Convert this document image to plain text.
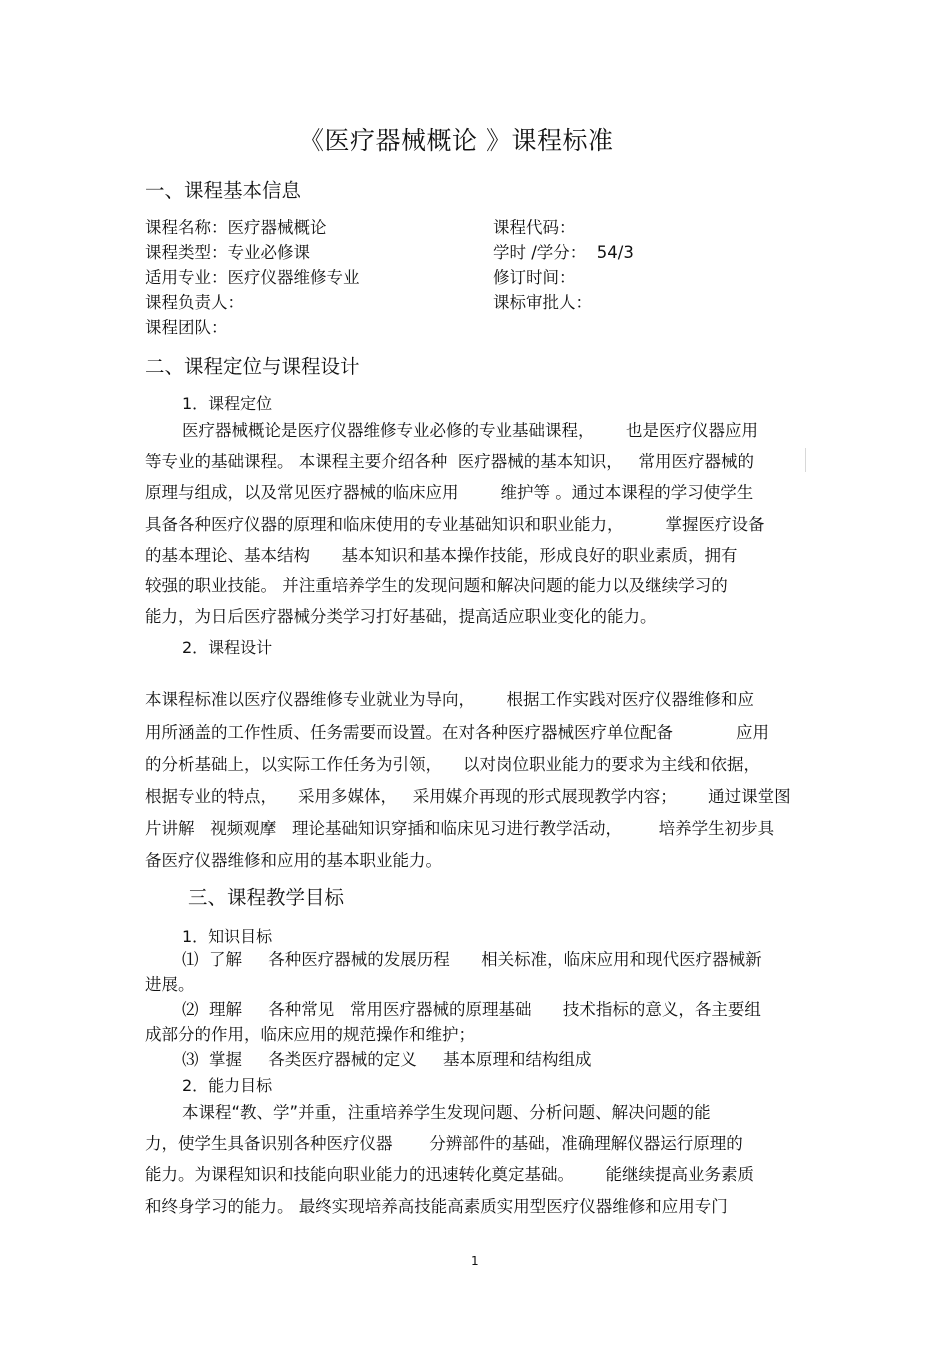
《医疗器械概论 》课程标准
一、课程基本信息
课程名称：医疗器械概论	课程代码：
课程类型：专业必修课	学时 /学分：  54/3
适用专业：医疗仪器维修专业	修订时间：
课程负责人：	课标审批人：
课程团队：
二、课程定位与课程设计
1．课程定位
医疗器械概论是医疗仪器维修专业必修的专业基础课程，      也是医疗仪器应用
等专业的基础课程。 本课程主要介绍各种  医疗器械的基本知识，   常用医疗器械的
原理与组成，以及常见医疗器械的临床应用        维护等 。通过本课程的学习使学生
具备各种医疗仪器的原理和临床使用的专业基础知识和职业能力，        掌握医疗设备
的基本理论、基本结构      基本知识和基本操作技能，形成良好的职业素质，拥有
较强的职业技能。 并注重培养学生的发现问题和解决问题的能力以及继续学习的
能力，为日后医疗器械分类学习打好基础，提高适应职业变化的能力。
2．课程设计
本课程标准以医疗仪器维修专业就业为导向，      根据工作实践对医疗仪器维修和应
用所涵盖的工作性质、任务需要而设置。在对各种医疗器械医疗单位配备            应用
的分析基础上，以实际工作任务为引领，    以对岗位职业能力的要求为主线和依据，
根据专业的特点，    采用多媒体，   采用媒介再现的形式展现教学内容；      通过课堂图
片讲解   视频观摩   理论基础知识穿插和临床见习进行教学活动，       培养学生初步具
备医疗仪器维修和应用的基本职业能力。
三、课程教学目标
1．知识目标
⑴  了解     各种医疗器械的发展历程      相关标准，临床应用和现代医疗器械新
进展。
⑵  理解     各种常见   常用医疗器械的原理基础      技术指标的意义，各主要组
成部分的作用，临床应用的规范操作和维护；
⑶  掌握     各类医疗器械的定义     基本原理和结构组成
2．能力目标
本课程“教、学”并重，注重培养学生发现问题、分析问题、解决问题的能
力，使学生具备识别各种医疗仪器       分辨部件的基础，准确理解仪器运行原理的
能力。为课程知识和技能向职业能力的迅速转化奠定基础。      能继续提高业务素质
和终身学习的能力。 最终实现培养高技能高素质实用型医疗仪器维修和应用专门
1
